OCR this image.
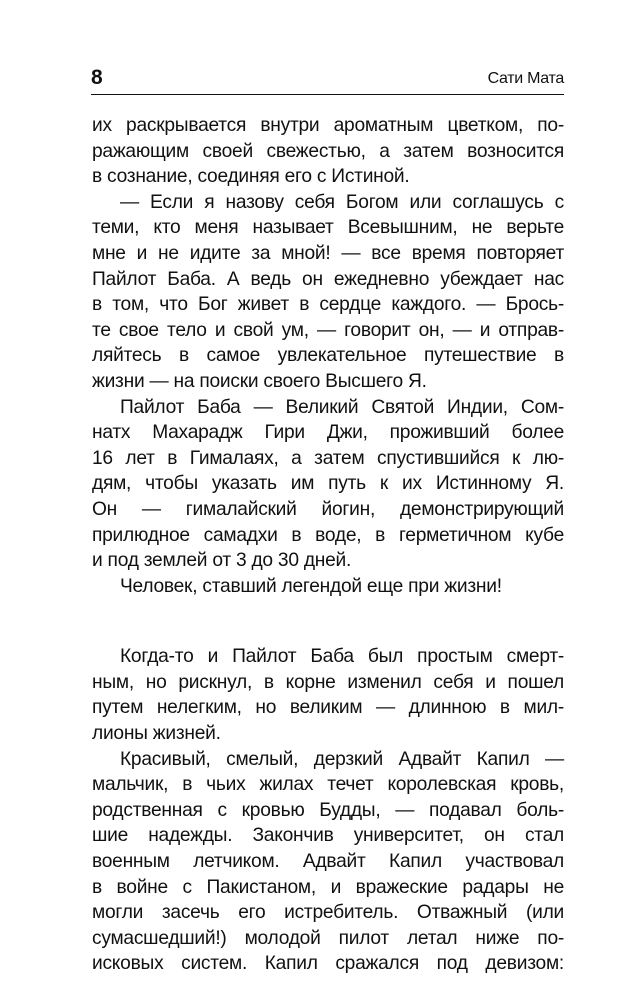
8	Сати Мата
их раскрывается внутри ароматным цветком, по-
ражающим своей свежестью, а затем возносится
в сознание, соединяя его с Истиной.
— Если я назову себя Богом или соглашусь с
теми, кто меня называет Всевышним, не верьте
мне и не идите за мной! — все время повторяет
Пайлот Баба. А ведь он ежедневно убеждает нас
в том, что Бог живет в сердце каждого. — Брось-
те свое тело и свой ум, — говорит он, — и отправ-
ляйтесь в самое увлекательное путешествие в
жизни — на поиски своего Высшего Я.
Пайлот Баба — Великий Святой Индии, Сом-
натх Махарадж Гири Джи, проживший более
16 лет в Гималаях, а затем спустившийся к лю-
дям, чтобы указать им путь к их Истинному Я.
Он — гималайский йогин, демонстрирующий
прилюдное самадхи в воде, в герметичном кубе
и под землей от 3 до 30 дней.
Человек, ставший легендой еще при жизни!
Когда-то и Пайлот Баба был простым смерт-
ным, но рискнул, в корне изменил себя и пошел
путем нелегким, но великим — длинною в мил-
лионы жизней.
Красивый, смелый, дерзкий Адвайт Капил —
мальчик, в чьих жилах течет королевская кровь,
родственная с кровью Будды, — подавал боль-
шие надежды. Закончив университет, он стал
военным летчиком. Адвайт Капил участвовал
в войне с Пакистаном, и вражеские радары не
могли засечь его истребитель. Отважный (или
сумасшедший!) молодой пилот летал ниже по-
исковых систем. Капил сражался под девизом:
